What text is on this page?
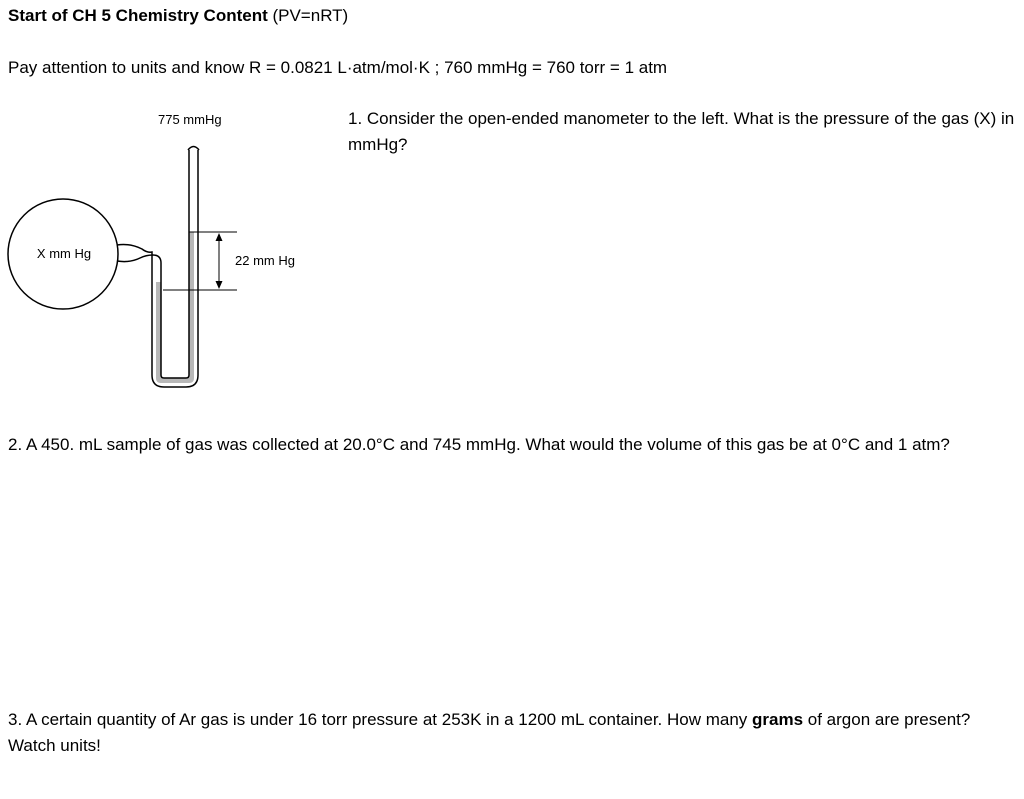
Start of CH 5 Chemistry Content (PV=nRT)
Pay attention to units and know R = 0.0821 L·atm/mol·K ; 760 mmHg = 760 torr = 1 atm
X mm Hg	22 mm Hg
775 mmHg	1. Consider the open-ended manometer to the left. What is the pressure of the gas (X) in mmHg?
2. A 450. mL sample of gas was collected at 20.0°C and 745 mmHg. What would the volume of this gas be at 0°C and 1 atm?
3. A certain quantity of Ar gas is under 16 torr pressure at 253K in a 1200 mL container. How many grams of argon are present? Watch units!
